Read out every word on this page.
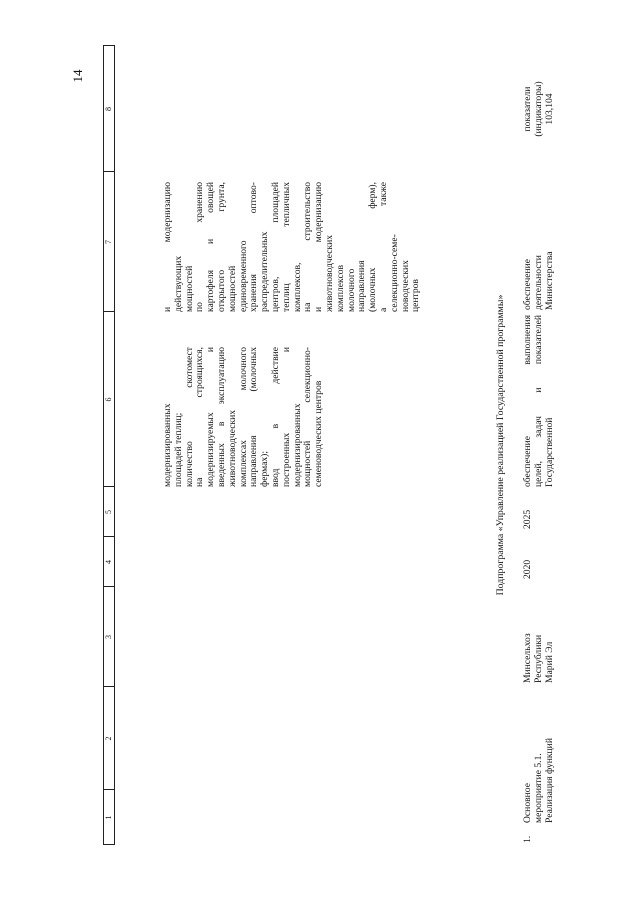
14
1
2
3
4
5
6
7
8
модернизированных площадей теплиц; количество скотомест на строящихся, модернизируемых и введенных в эксплуатацию животноводческих комплексах молочного направления (молочных фермах); ввод в действие построенных и модернизированных мощностей селекционно- семеноводческих центров
и модернизацию действующих мощностей по хранению картофеля и овощей открытого грунта, мощностей единовременного хранения оптово- распределительных центров, площадей теплиц тепличных комплексов, на строительство и модернизацию животноводческих комплексов молочного направления (молочных ферм), а также селекционно-семе- новодческих центров	Подпрограмма «Управление реализацией Государственной программы»
1.
Основное мероприятие 5.1. Реализация функций
Минсельхоз Республики Марий Эл
2020
2025
обеспечение выполнения целей, задач и показателей Государственной
обеспечение деятельности Министерства
показатели (индикаторы) 103,104
